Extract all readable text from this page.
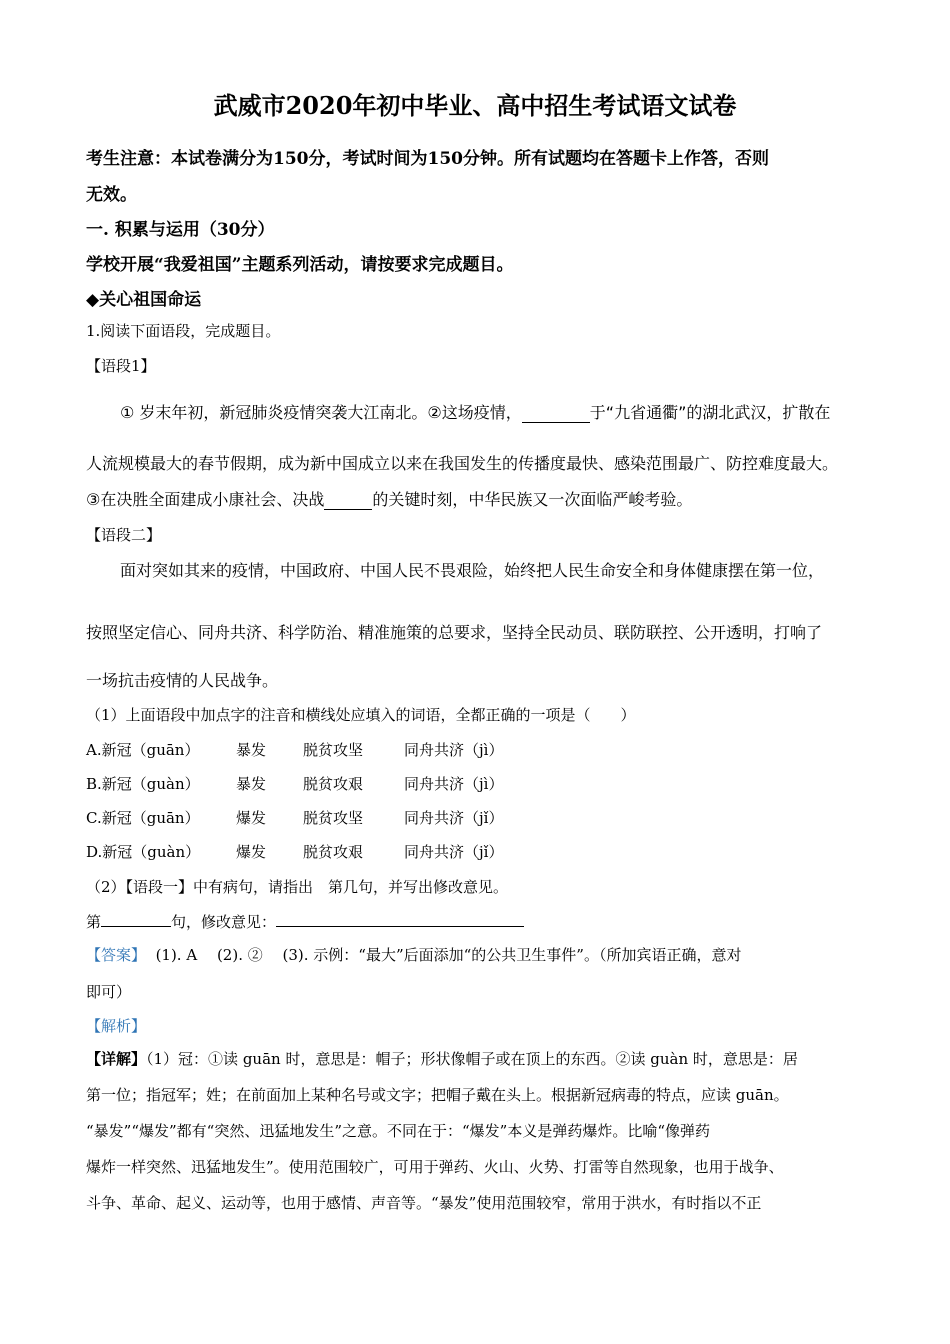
武威市2020年初中毕业、高中招生考试语文试卷
考生注意：本试卷满分为150分，考试时间为150分钟。所有试题均在答题卡上作答，否则
无效。
一. 积累与运用（30分）
学校开展“我爱祖国”主题系列活动，请按要求完成题目。
◆关心祖国命运
1.阅读下面语段，完成题目。
【语段1】
① 岁末年初，新冠肺炎疫情突袭大江南北。②这场疫情，	于“九省通衢”的湖北武汉，扩散在
人流规模最大的春节假期，成为新中国成立以来在我国发生的传播度最快、感染范围最广、防控难度最大。
③在决胜全面建成小康社会、决战	的关键时刻，中华民族又一次面临严峻考验。
【语段二】
面对突如其来的疫情，中国政府、中国人民不畏艰险，始终把人民生命安全和身体健康摆在第一位，
按照坚定信心、同舟共济、科学防治、精准施策的总要求，坚持全民动员、联防联控、公开透明，打响了
一场抗击疫情的人民战争。
（1）上面语段中加点字的注音和横线处应填入的词语，全都正确的一项是（　　）
A.新冠（guān） 暴发 脱贫攻坚	同舟共济（jì）
B.新冠（guàn） 暴发 脱贫攻艰	同舟共济（jì）
C.新冠（guān） 爆发 脱贫攻坚	同舟共济（jǐ）
D.新冠（guàn） 爆发 脱贫攻艰	同舟共济（jǐ）
（2）【语段一】中有病句，请指出　第几句，并写出修改意见。
第	句，修改意见：
【答案】 (1). A　 (2). ②　 (3). 示例：“最大”后面添加“的公共卫生事件”。（所加宾语正确，意对
即可）
【解析】
【详解】（1）冠：①读 guān 时，意思是：帽子；形状像帽子或在顶上的东西。②读 guàn 时，意思是：居
第一位；指冠军；姓；在前面加上某种名号或文字；把帽子戴在头上。根据新冠病毒的特点，应读 guān。
“暴发”“爆发”都有“突然、迅猛地发生”之意。不同在于：“爆发”本义是弹药爆炸。比喻“像弹药
爆炸一样突然、迅猛地发生”。使用范围较广，可用于弹药、火山、火势、打雷等自然现象，也用于战争、
斗争、革命、起义、运动等，也用于感情、声音等。“暴发”使用范围较窄，常用于洪水，有时指以不正
